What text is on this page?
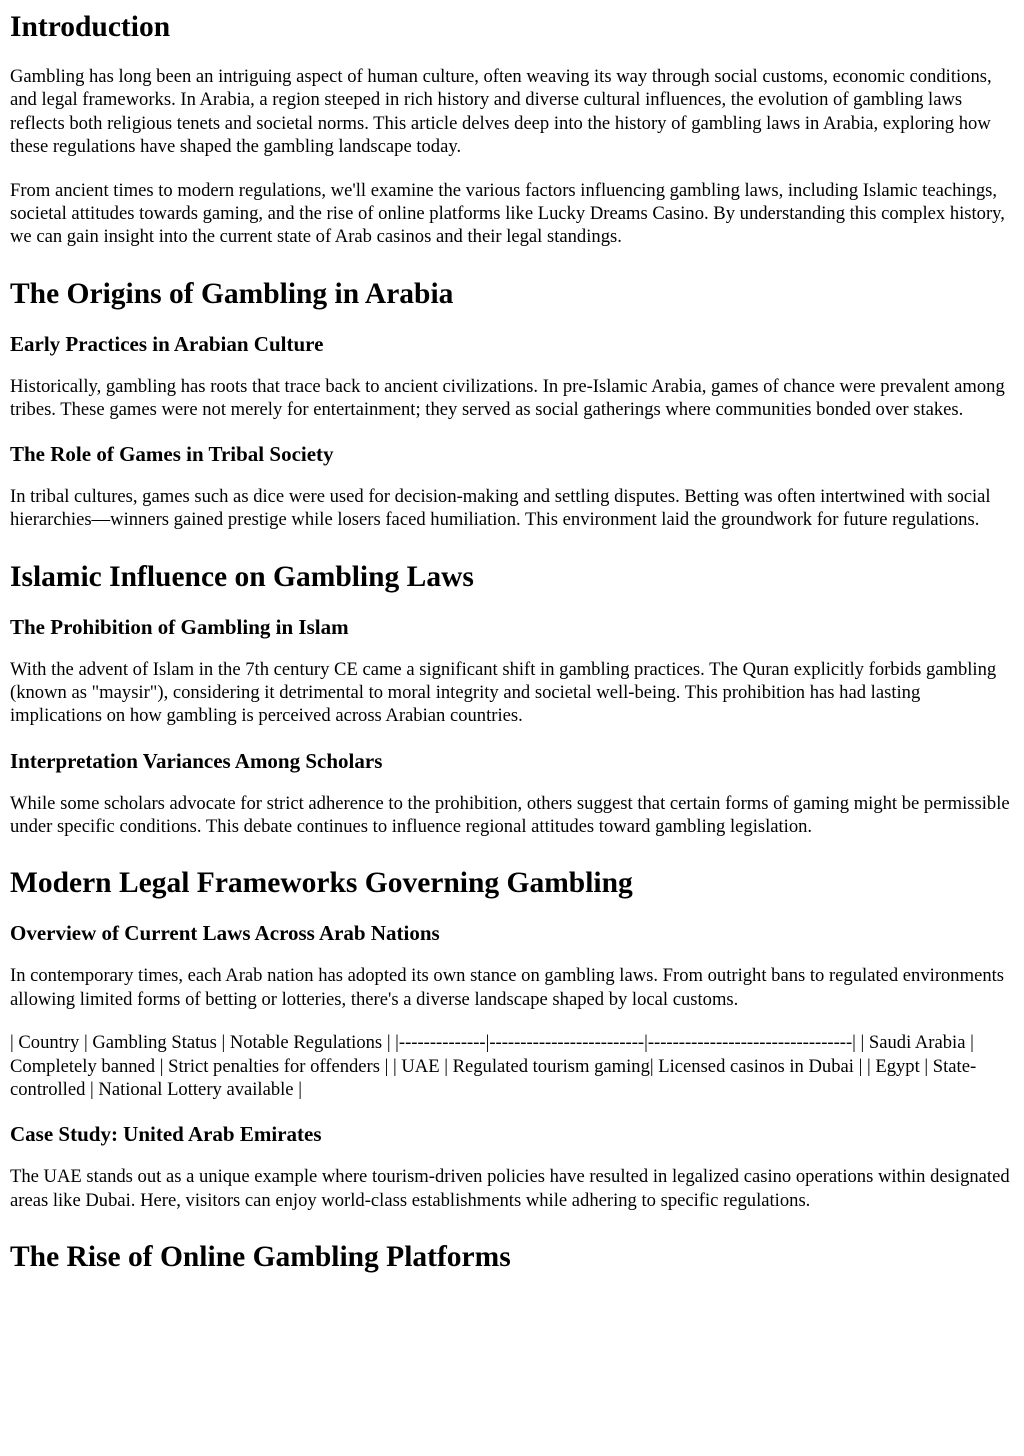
Introduction

Gambling has long been an intriguing aspect of human culture, often weaving its way through social customs, economic conditions, and legal frameworks. In Arabia, a region steeped in rich history and diverse cultural influences, the evolution of gambling laws reflects both religious tenets and societal norms. This article delves deep into the history of gambling laws in Arabia, exploring how these regulations have shaped the gambling landscape today.

From ancient times to modern regulations, we'll examine the various factors influencing gambling laws, including Islamic teachings, societal attitudes towards gaming, and the rise of online platforms like Lucky Dreams Casino. By understanding this complex history, we can gain insight into the current state of Arab casinos and their legal standings.

The Origins of Gambling in Arabia
Early Practices in Arabian Culture

Historically, gambling has roots that trace back to ancient civilizations. In pre-Islamic Arabia, games of chance were prevalent among tribes. These games were not merely for entertainment; they served as social gatherings where communities bonded over stakes.

The Role of Games in Tribal Society

In tribal cultures, games such as dice were used for decision-making and settling disputes. Betting was often intertwined with social hierarchies—winners gained prestige while losers faced humiliation. This environment laid the groundwork for future regulations.

Islamic Influence on Gambling Laws
The Prohibition of Gambling in Islam

With the advent of Islam in the 7th century CE came a significant shift in gambling practices. The Quran explicitly forbids gambling (known as "maysir"), considering it detrimental to moral integrity and societal well-being. This prohibition has had lasting implications on how gambling is perceived across Arabian countries.

Interpretation Variances Among Scholars

While some scholars advocate for strict adherence to the prohibition, others suggest that certain forms of gaming might be permissible under specific conditions. This debate continues to influence regional attitudes toward gambling legislation.

Modern Legal Frameworks Governing Gambling
Overview of Current Laws Across Arab Nations

In contemporary times, each Arab nation has adopted its own stance on gambling laws. From outright bans to regulated environments allowing limited forms of betting or lotteries, there's a diverse landscape shaped by local customs.

| Country | Gambling Status | Notable Regulations | |--------------|-------------------------|---------------------------------| | Saudi Arabia | Completely banned | Strict penalties for offenders | | UAE | Regulated tourism gaming| Licensed casinos in Dubai | | Egypt | State-controlled | National Lottery available |

Case Study: United Arab Emirates

The UAE stands out as a unique example where tourism-driven policies have resulted in legalized casino operations within designated areas like Dubai. Here, visitors can enjoy world-class establishments while adhering to specific regulations.

The Rise of Online Gambling Platforms
